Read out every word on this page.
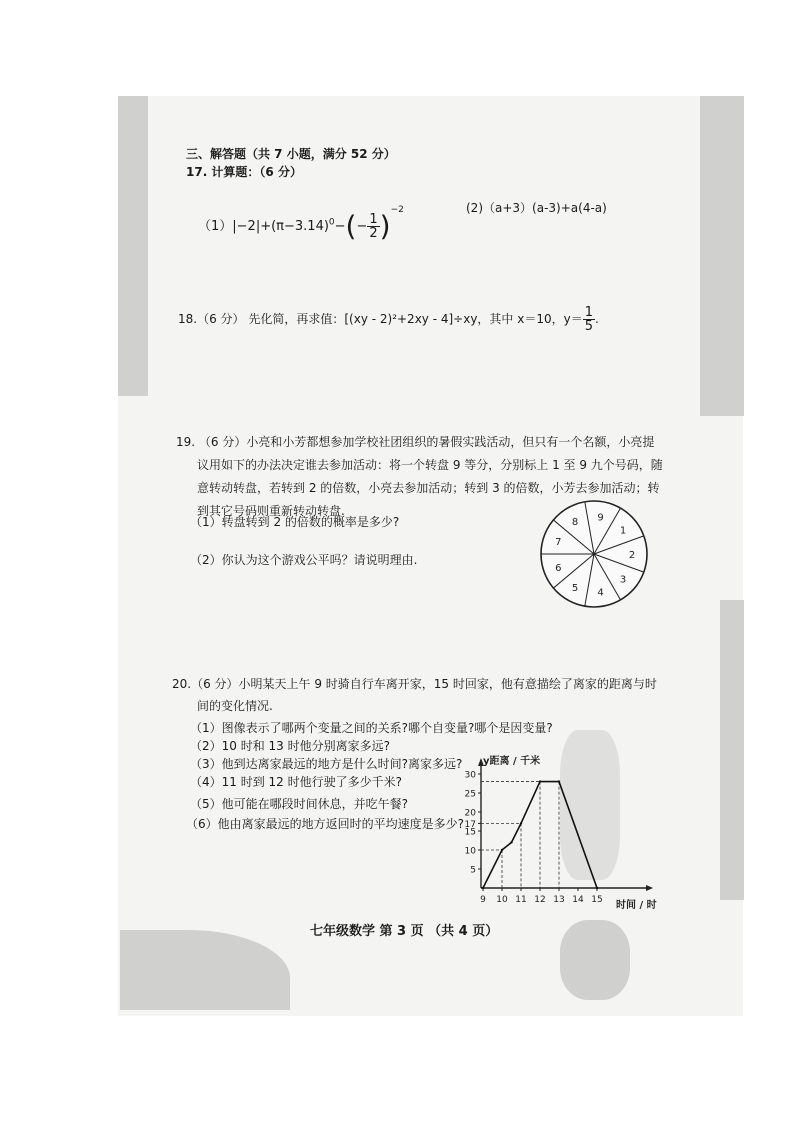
三、解答题（共 7 小题，满分 52 分）
17. 计算题：（6 分）
$(1)|-2|+(\pi-3.14)^0-(- \frac{1}{2} )^{-2}$	(2)（a+3）(a-3)+a(4-a)
18.（6 分） 先化简，再求值：[(xy - 2)²+2xy - 4]÷xy，其中 x＝10，$y= \frac{1}{5}$ .
19. （6 分）小亮和小芳都想参加学校社团组织的暑假实践活动，但只有一个名额，小亮提
议用如下的办法决定谁去参加活动：将一个转盘 9 等分，分别标上 1 至 9 九个号码，随
意转动转盘，若转到 2 的倍数，小亮去参加活动；转到 3 的倍数，小芳去参加活动；转
到其它号码则重新转动转盘.
（1）转盘转到 2 的倍数的概率是多少?
（2）你认为这个游戏公平吗？请说明理由.
9
1
2
3
4
5
6
7
8
20.（6 分）小明某天上午 9 时骑自行车离开家，15 时回家，他有意描绘了离家的距离与时
间的变化情况.
（1）图像表示了哪两个变量之间的关系?哪个自变量?哪个是因变量?
（2）10 时和 13 时他分别离家多远?
（3）他到达离家最远的地方是什么时间?离家多远?
（4）11 时到 12 时他行驶了多少千米?
（5）他可能在哪段时间休息，并吃午餐?
（6）他由离家最远的地方返回时的平均速度是多少?
y距离 / 千米
时间 / 时
5
10
15
17
20
25
30
9 10 11 12 13 14 15
七年级数学 第 3 页 （共 4 页）
